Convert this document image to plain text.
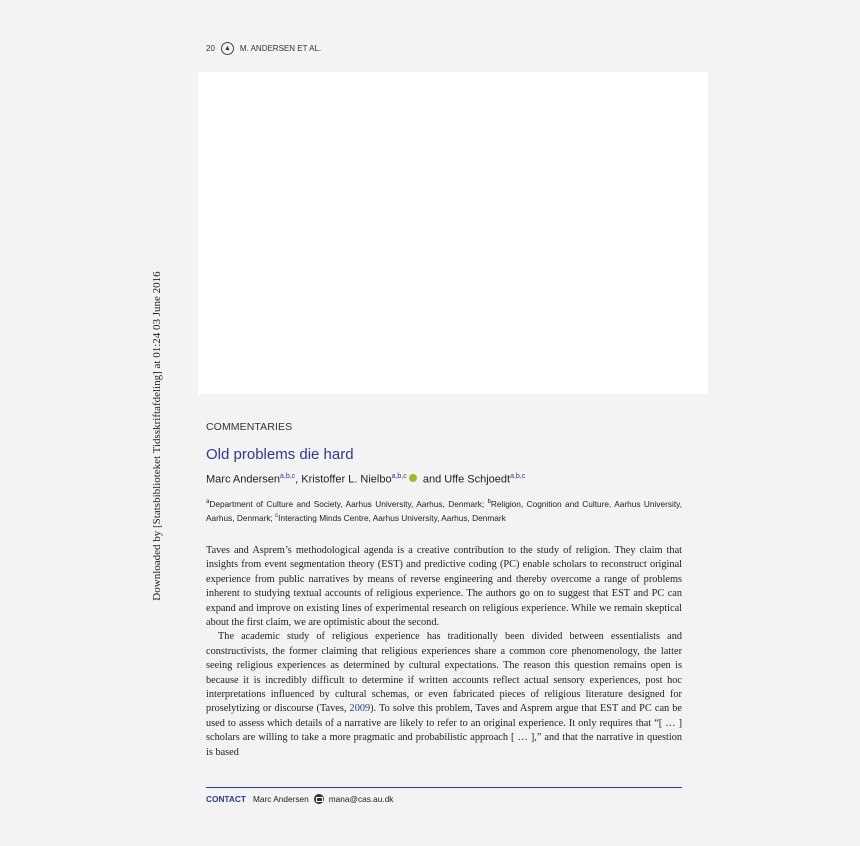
20	▲	M. ANDERSEN ET AL.
Downloaded by [Statsbiblioteket Tidsskriftafdeling] at 01:24 03 June 2016	COMMENTARIES
Old problems die hard
Marc Andersen$^{a,b,c}$, Kristoffer L. Nielbo$^{a,b,c}$ and Uffe Schjoedt$^{a,b,c}$
$^a$Department of Culture and Society, Aarhus University, Aarhus, Denmark; $^b$Religion, Cognition and Culture, Aarhus University, Aarhus, Denmark; $^c$Interacting Minds Centre, Aarhus University, Aarhus, Denmark

Taves and Asprem’s methodological agenda is a creative contribution to the study of religion. They claim that insights from event segmentation theory (EST) and predictive coding (PC) enable scholars to reconstruct original experience from public narratives by means of reverse engineering and thereby overcome a range of problems inherent to studying textual accounts of religious experience. The authors go on to suggest that EST and PC can expand and improve on existing lines of experimental research on religious experience. While we remain skeptical about the first claim, we are optimistic about the second.

The academic study of religious experience has traditionally been divided between essentialists and constructivists, the former claiming that religious experiences share a common core phenomenology, the latter seeing religious experiences as determined by cultural expectations. The reason this question remains open is because it is incredibly difficult to determine if written accounts reflect actual sensory experiences, post hoc interpretations influenced by cultural schemas, or even fabricated pieces of religious literature designed for proselytizing or discourse (Taves, 2009). To solve this problem, Taves and Asprem argue that EST and PC can be used to assess which details of a narrative are likely to refer to an original experience. It only requires that “[ … ] scholars are willing to take a more pragmatic and probabilistic approach [ … ],” and that the narrative in question is based

CONTACT Marc Andersen mana@cas.au.dk
